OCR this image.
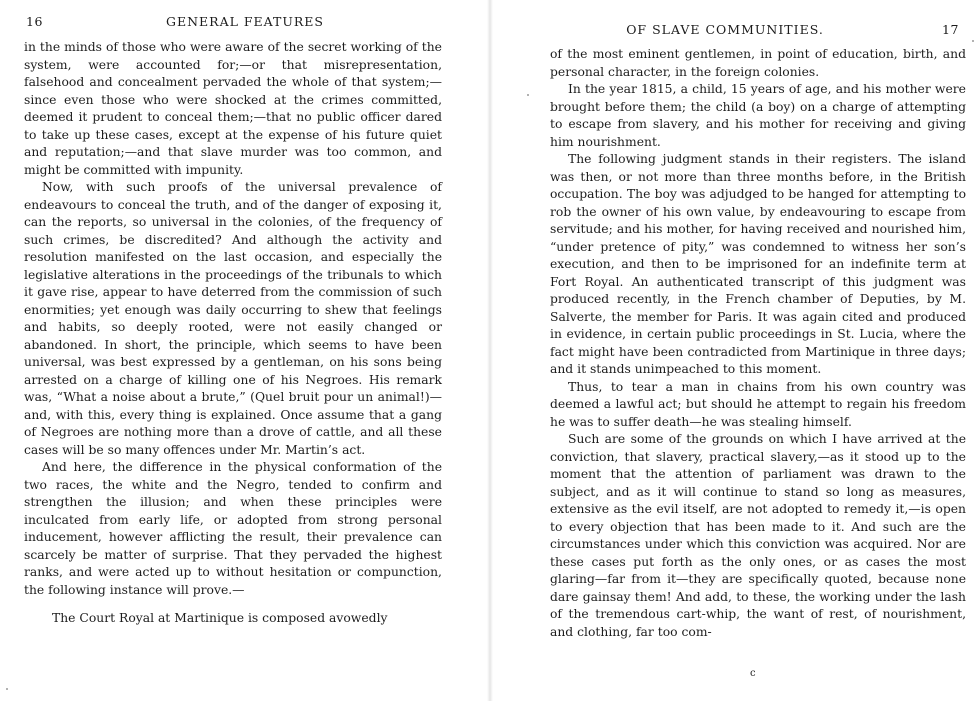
16	GENERAL FEATURES

in the minds of those who were aware of the secret working of the system, were accounted for;—or that misrepresentation, falsehood and concealment pervaded the whole of that system;—since even those who were shocked at the crimes committed, deemed it prudent to conceal them;—that no public officer dared to take up these cases, except at the expense of his future quiet and reputation;—and that slave murder was too common, and might be committed with impunity.

Now, with such proofs of the universal prevalence of endeavours to conceal the truth, and of the danger of exposing it, can the reports, so universal in the colonies, of the frequency of such crimes, be discredited? And although the activity and resolution manifested on the last occasion, and especially the legislative alterations in the proceedings of the tribunals to which it gave rise, appear to have deterred from the commission of such enormities; yet enough was daily occurring to shew that feelings and habits, so deeply rooted, were not easily changed or abandoned. In short, the principle, which seems to have been universal, was best expressed by a gentleman, on his sons being arrested on a charge of killing one of his Negroes. His remark was, “What a noise about a brute,” (Quel bruit pour un animal!)—and, with this, every thing is explained. Once assume that a gang of Negroes are nothing more than a drove of cattle, and all these cases will be so many offences under Mr. Martin’s act.

And here, the difference in the physical conformation of the two races, the white and the Negro, tended to confirm and strengthen the illusion; and when these principles were inculcated from early life, or adopted from strong personal inducement, however afflicting the result, their prevalence can scarcely be matter of surprise. That they pervaded the highest ranks, and were acted up to without hesitation or compunction, the following instance will prove.—

The Court Royal at Martinique is composed avowedly

OF SLAVE COMMUNITIES.	17

of the most eminent gentlemen, in point of education, birth, and personal character, in the foreign colonies.

In the year 1815, a child, 15 years of age, and his mother were brought before them; the child (a boy) on a charge of attempting to escape from slavery, and his mother for receiving and giving him nourishment.

The following judgment stands in their registers. The island was then, or not more than three months before, in the British occupation. The boy was adjudged to be hanged for attempting to rob the owner of his own value, by endeavouring to escape from servitude; and his mother, for having received and nourished him, “under pretence of pity,” was condemned to witness her son’s execution, and then to be imprisoned for an indefinite term at Fort Royal. An authenticated transcript of this judgment was produced recently, in the French chamber of Deputies, by M. Salverte, the member for Paris. It was again cited and produced in evidence, in certain public proceedings in St. Lucia, where the fact might have been contradicted from Martinique in three days; and it stands unimpeached to this moment.

Thus, to tear a man in chains from his own country was deemed a lawful act; but should he attempt to regain his freedom he was to suffer death—he was stealing himself.

Such are some of the grounds on which I have arrived at the conviction, that slavery, practical slavery,—as it stood up to the moment that the attention of parliament was drawn to the subject, and as it will continue to stand so long as measures, extensive as the evil itself, are not adopted to remedy it,—is open to every objection that has been made to it. And such are the circumstances under which this conviction was acquired. Nor are these cases put forth as the only ones, or as cases the most glaring—far from it—they are specifically quoted, because none dare gainsay them! And add, to these, the working under the lash of the tremendous cart-whip, the want of rest, of nourishment, and clothing, far too com-

c
